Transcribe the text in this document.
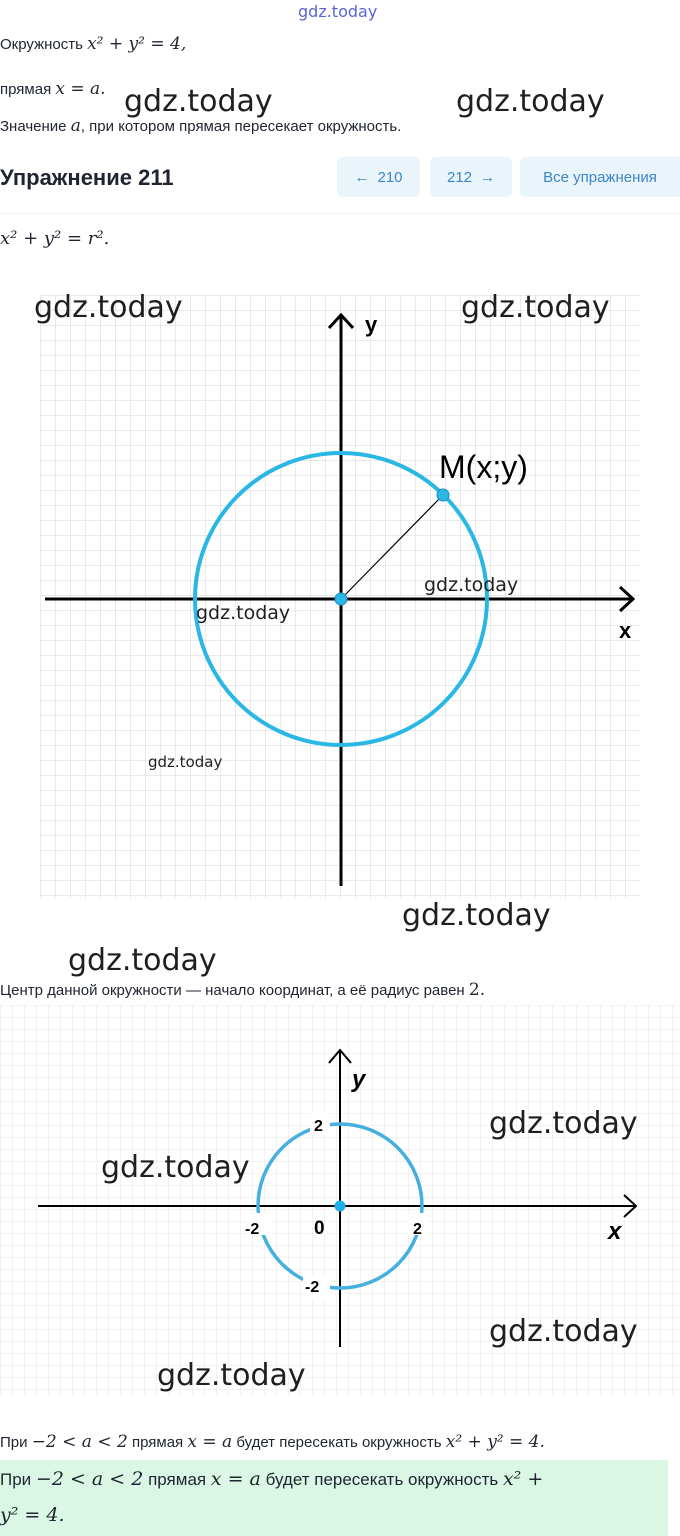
gdz.today
Окружность x² + y² = 4,
прямая x = a.
Значение a, при котором прямая пересекает окружность.
Упражнение 211	← 210	212 →	Все упражнения
x² + y² = r².
y
x
M(x;y)
Центр данной окружности — начало координат, а её радиус равен 2.
y
x
0	2
-2
2
-2
При −2 < a < 2 прямая x = a будет пересекать окружность x² + y² = 4.
При −2 < a < 2 прямая x = a будет пересекать окружность x² +
y² = 4.
gdz.today	gdz.today
gdz.today	gdz.today
gdz.today
gdz.today
gdz.today
gdz.today
gdz.today
gdz.today
gdz.today
gdz.today
gdz.today
